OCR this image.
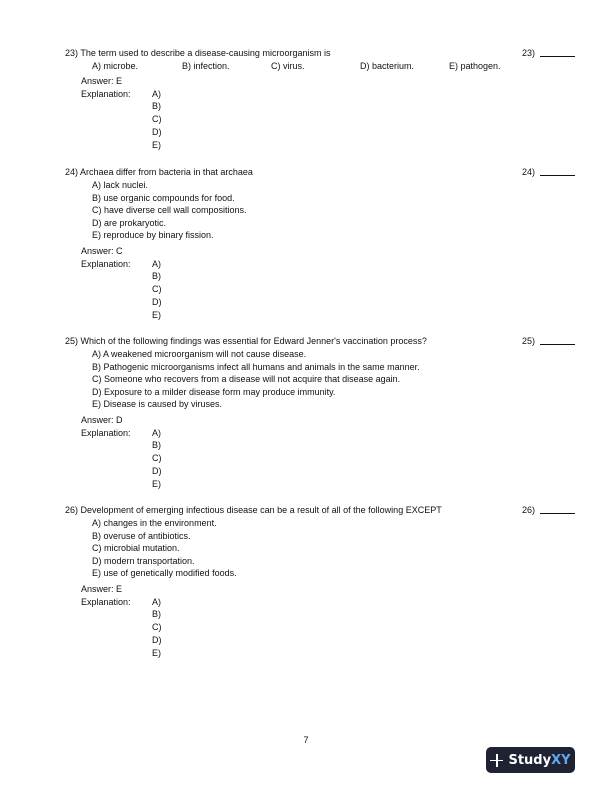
23) The term used to describe a disease-causing microorganism is	23)
A) microbe.	B) infection.	C) virus.	D) bacterium.	E) pathogen.
Answer: E
Explanation: A)
B)
C)
D)
E)
24) Archaea differ from bacteria in that archaea	24)
A) lack nuclei.
B) use organic compounds for food.
C) have diverse cell wall compositions.
D) are prokaryotic.
E) reproduce by binary fission.
Answer: C
Explanation: A)
B)
C)
D)
E)
25) Which of the following findings was essential for Edward Jenner's vaccination process?	25)
A) A weakened microorganism will not cause disease.
B) Pathogenic microorganisms infect all humans and animals in the same manner.
C) Someone who recovers from a disease will not acquire that disease again.
D) Exposure to a milder disease form may produce immunity.
E) Disease is caused by viruses.
Answer: D
Explanation: A)
B)
C)
D)
E)
26) Development of emerging infectious disease can be a result of all of the following EXCEPT	26)
A) changes in the environment.
B) overuse of antibiotics.
C) microbial mutation.
D) modern transportation.
E) use of genetically modified foods.
Answer: E
Explanation: A)
B)
C)
D)
E)
7
StudyXY
